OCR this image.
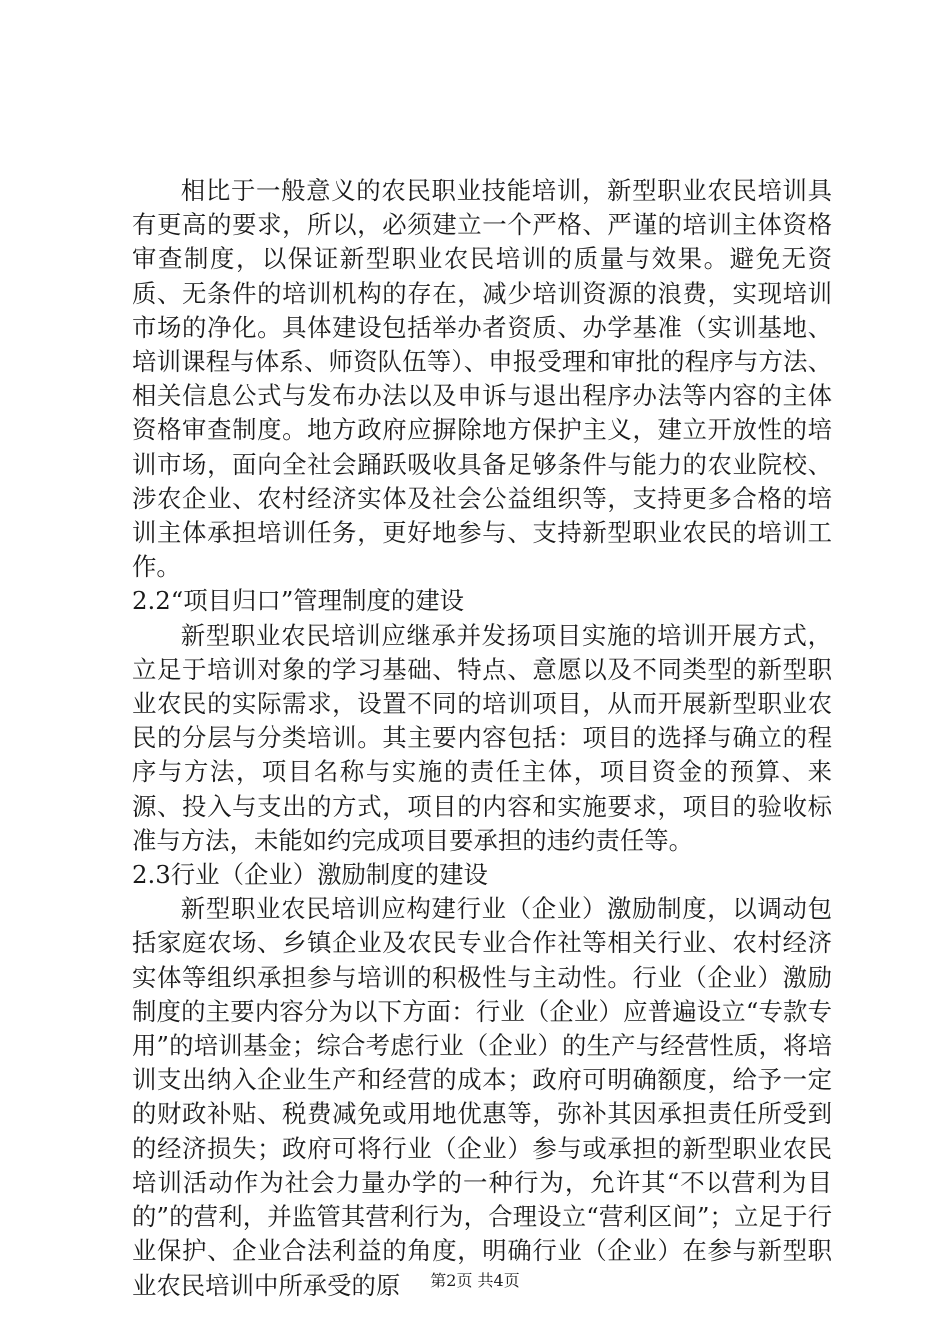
相比于一般意义的农民职业技能培训，新型职业农民培训具有更高的要求，所以，必须建立一个严格、严谨的培训主体资格审查制度，以保证新型职业农民培训的质量与效果。避免无资质、无条件的培训机构的存在，减少培训资源的浪费，实现培训市场的净化。具体建设包括举办者资质、办学基准（实训基地、培训课程与体系、师资队伍等）、申报受理和审批的程序与方法、相关信息公式与发布办法以及申诉与退出程序办法等内容的主体资格审查制度。地方政府应摒除地方保护主义，建立开放性的培训市场，面向全社会踊跃吸收具备足够条件与能力的农业院校、涉农企业、农村经济实体及社会公益组织等，支持更多合格的培训主体承担培训任务，更好地参与、支持新型职业农民的培训工作。

2.2“项目归口”管理制度的建设

新型职业农民培训应继承并发扬项目实施的培训开展方式，立足于培训对象的学习基础、特点、意愿以及不同类型的新型职业农民的实际需求，设置不同的培训项目，从而开展新型职业农民的分层与分类培训。其主要内容包括：项目的选择与确立的程序与方法，项目名称与实施的责任主体，项目资金的预算、来源、投入与支出的方式，项目的内容和实施要求，项目的验收标准与方法，未能如约完成项目要承担的违约责任等。

2.3行业（企业）激励制度的建设

新型职业农民培训应构建行业（企业）激励制度，以调动包括家庭农场、乡镇企业及农民专业合作社等相关行业、农村经济实体等组织承担参与培训的积极性与主动性。行业（企业）激励制度的主要内容分为以下方面：行业（企业）应普遍设立“专款专用”的培训基金；综合考虑行业（企业）的生产与经营性质，将培训支出纳入企业生产和经营的成本；政府可明确额度，给予一定的财政补贴、税费减免或用地优惠等，弥补其因承担责任所受到的经济损失；政府可将行业（企业）参与或承担的新型职业农民培训活动作为社会力量办学的一种行为，允许其“不以营利为目的”的营利，并监管其营利行为，合理设立“营利区间”；立足于行业保护、企业合法利益的角度，明确行业（企业）在参与新型职业农民培训中所承受的原	第2页 共4页
